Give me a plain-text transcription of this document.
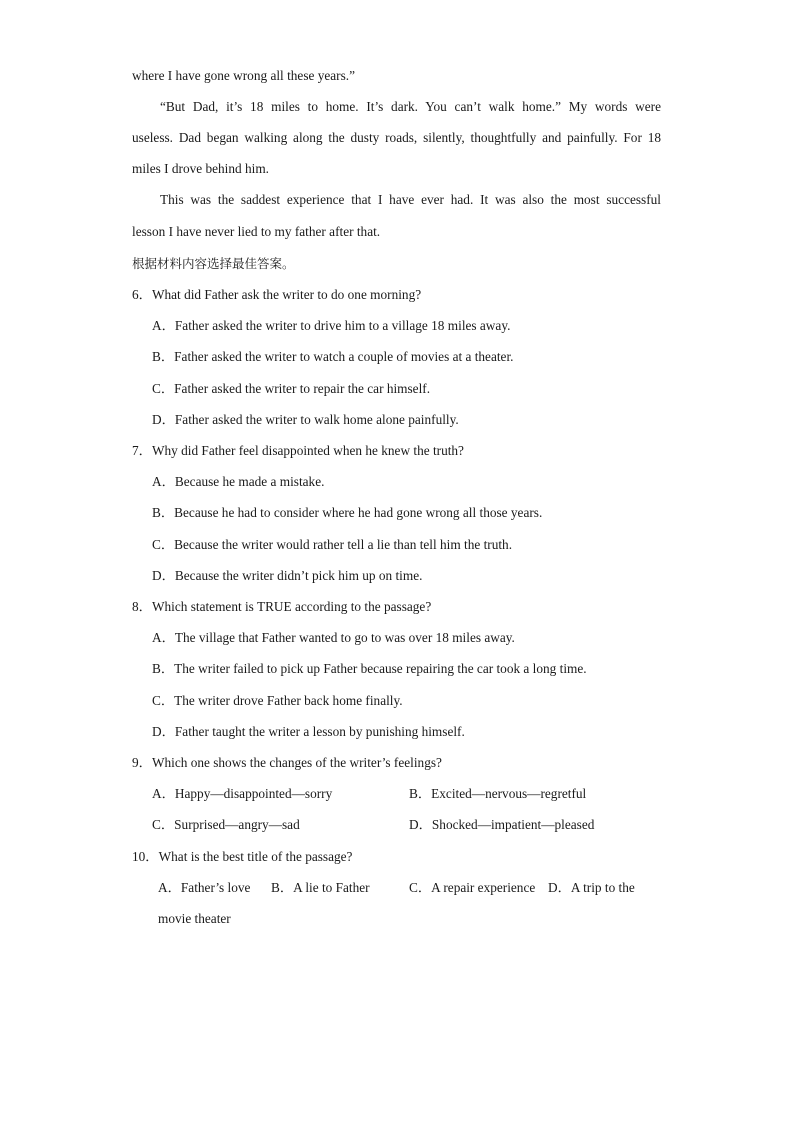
where I have gone wrong all these years.”
“But Dad, it’s 18 miles to home. It’s dark. You can’t walk home.” My words were
useless. Dad began walking along the dusty roads, silently, thoughtfully and painfully. For 18
miles I drove behind him.
This was the saddest experience that I have ever had. It was also the most successful
lesson I have never lied to my father after that.
根据材料内容选择最佳答案。
6．What did Father ask the writer to do one morning?
A．Father asked the writer to drive him to a village 18 miles away.
B．Father asked the writer to watch a couple of movies at a theater.
C．Father asked the writer to repair the car himself.
D．Father asked the writer to walk home alone painfully.
7．Why did Father feel disappointed when he knew the truth?
A．Because he made a mistake.
B．Because he had to consider where he had gone wrong all those years.
C．Because the writer would rather tell a lie than tell him the truth.
D．Because the writer didn’t pick him up on time.
8．Which statement is TRUE according to the passage?
A．The village that Father wanted to go to was over 18 miles away.
B．The writer failed to pick up Father because repairing the car took a long time.
C．The writer drove Father back home finally.
D．Father taught the writer a lesson by punishing himself.
9．Which one shows the changes of the writer’s feelings?
A．Happy—disappointed—sorry	B．Excited—nervous—regretful
C．Surprised—angry—sad	D．Shocked—impatient—pleased
10．What is the best title of the passage?
A．Father’s love B．A lie to Father	C．A repair experience D．A trip to the
movie theater
